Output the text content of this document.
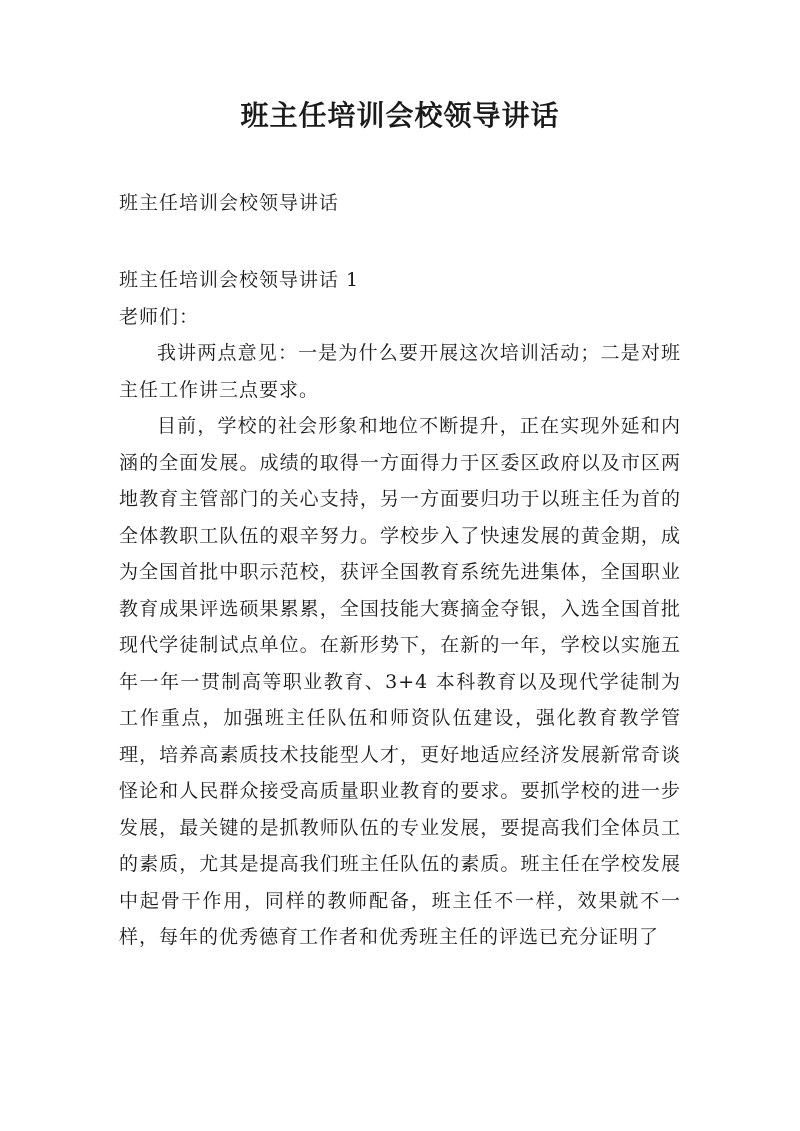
班主任培训会校领导讲话

班主任培训会校领导讲话

班主任培训会校领导讲话 1

老师们：

我讲两点意见：一是为什么要开展这次培训活动；二是对班主任工作讲三点要求。

目前，学校的社会形象和地位不断提升，正在实现外延和内涵的全面发展。成绩的取得一方面得力于区委区政府以及市区两地教育主管部门的关心支持，另一方面要归功于以班主任为首的全体教职工队伍的艰辛努力。学校步入了快速发展的黄金期，成为全国首批中职示范校，获评全国教育系统先进集体，全国职业教育成果评选硕果累累，全国技能大赛摘金夺银，入选全国首批现代学徒制试点单位。在新形势下，在新的一年，学校以实施五年一年一贯制高等职业教育、3+4 本科教育以及现代学徒制为工作重点，加强班主任队伍和师资队伍建设，强化教育教学管理，培养高素质技术技能型人才，更好地适应经济发展新常奇谈怪论和人民群众接受高质量职业教育的要求。要抓学校的进一步发展，最关键的是抓教师队伍的专业发展，要提高我们全体员工的素质，尤其是提高我们班主任队伍的素质。班主任在学校发展中起骨干作用，同样的教师配备，班主任不一样，效果就不一样，每年的优秀德育工作者和优秀班主任的评选已充分证明了
